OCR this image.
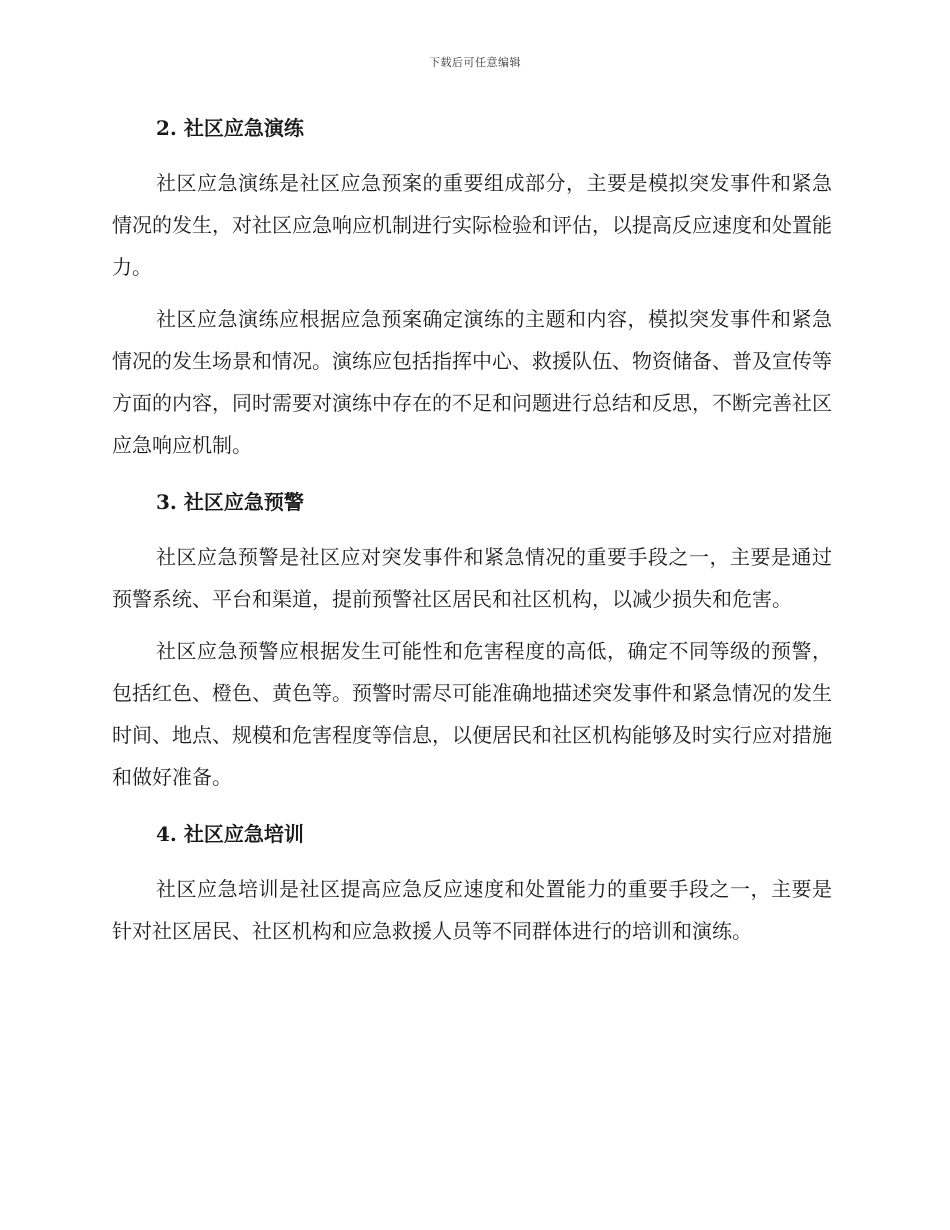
下载后可任意编辑
2. 社区应急演练

社区应急演练是社区应急预案的重要组成部分，主要是模拟突发事件和紧急情况的发生，对社区应急响应机制进行实际检验和评估，以提高反应速度和处置能力。

社区应急演练应根据应急预案确定演练的主题和内容，模拟突发事件和紧急情况的发生场景和情况。演练应包括指挥中心、救援队伍、物资储备、普及宣传等方面的内容，同时需要对演练中存在的不足和问题进行总结和反思，不断完善社区应急响应机制。

3. 社区应急预警

社区应急预警是社区应对突发事件和紧急情况的重要手段之一，主要是通过预警系统、平台和渠道，提前预警社区居民和社区机构，以减少损失和危害。

社区应急预警应根据发生可能性和危害程度的高低，确定不同等级的预警，包括红色、橙色、黄色等。预警时需尽可能准确地描述突发事件和紧急情况的发生时间、地点、规模和危害程度等信息，以便居民和社区机构能够及时实行应对措施和做好准备。

4. 社区应急培训

社区应急培训是社区提高应急反应速度和处置能力的重要手段之一，主要是针对社区居民、社区机构和应急救援人员等不同群体进行的培训和演练。
